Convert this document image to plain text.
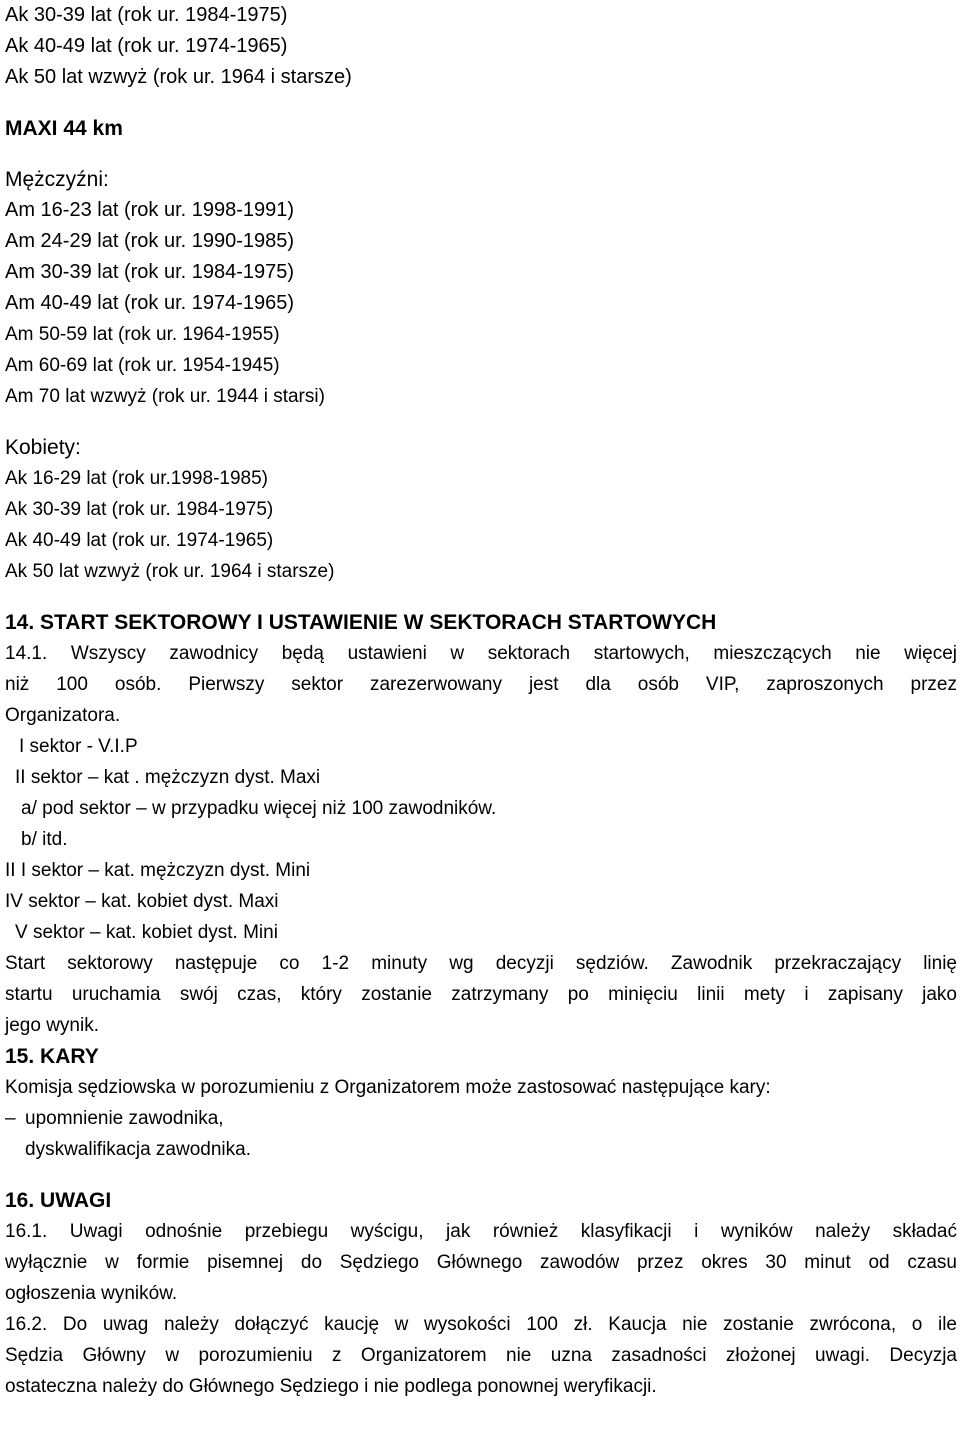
Ak 30-39 lat (rok ur. 1984-1975)
Ak 40-49 lat (rok ur. 1974-1965)
Ak 50 lat wzwyż (rok ur. 1964 i starsze)
MAXI 44 km
Mężczyźni:
Am 16-23 lat (rok ur. 1998-1991)
Am 24-29 lat (rok ur. 1990-1985)
Am 30-39 lat (rok ur. 1984-1975)
Am 40-49 lat (rok ur. 1974-1965)
Am 50-59 lat (rok ur. 1964-1955)
Am 60-69 lat (rok ur. 1954-1945)
Am 70 lat wzwyż (rok ur. 1944 i starsi)
Kobiety:
Ak 16-29 lat (rok ur.1998-1985)
Ak 30-39 lat (rok ur. 1984-1975)
Ak 40-49 lat (rok ur. 1974-1965)
Ak 50 lat wzwyż (rok ur. 1964 i starsze)
14. START SEKTOROWY I USTAWIENIE W SEKTORACH STARTOWYCH
14.1. Wszyscy zawodnicy będą ustawieni w sektorach startowych, mieszczących nie więcej
niż 100 osób. Pierwszy sektor zarezerwowany jest dla osób VIP, zaproszonych przez
Organizatora.
I sektor - V.I.P
II sektor – kat . mężczyzn dyst. Maxi
a/ pod sektor – w przypadku więcej niż 100 zawodników.
b/ itd.
II I sektor – kat. mężczyzn dyst. Mini
IV sektor – kat. kobiet dyst. Maxi
V sektor – kat. kobiet dyst. Mini
Start sektorowy następuje co 1-2 minuty wg decyzji sędziów. Zawodnik przekraczający linię
startu uruchamia swój czas, który zostanie zatrzymany po minięciu linii mety i zapisany jako
jego wynik.
15. KARY
Komisja sędziowska w porozumieniu z Organizatorem może zastosować następujące kary:
– upomnienie zawodnika,
dyskwalifikacja zawodnika.
16. UWAGI
16.1. Uwagi odnośnie przebiegu wyścigu, jak również klasyfikacji i wyników należy składać
wyłącznie w formie pisemnej do Sędziego Głównego zawodów przez okres 30 minut od czasu
ogłoszenia wyników.
16.2. Do uwag należy dołączyć kaucję w wysokości 100 zł. Kaucja nie zostanie zwrócona, o ile
Sędzia Główny w porozumieniu z Organizatorem nie uzna zasadności złożonej uwagi. Decyzja
ostateczna należy do Głównego Sędziego i nie podlega ponownej weryfikacji.
